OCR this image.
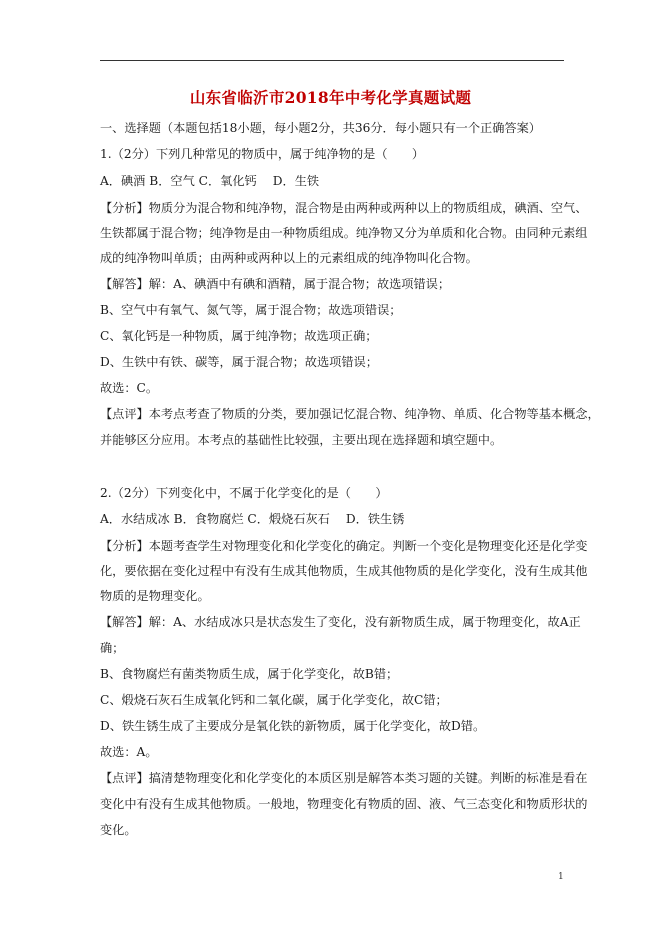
山东省临沂市2018年中考化学真题试题
一、选择题（本题包括18小题，每小题2分，共36分．每小题只有一个正确答案）
1.（2分）下列几种常见的物质中，属于纯净物的是（　　）
A．碘酒 B．空气 C．氧化钙　 D．生铁
【分析】物质分为混合物和纯净物，混合物是由两种或两种以上的物质组成，碘酒、空气、
生铁都属于混合物；纯净物是由一种物质组成。纯净物又分为单质和化合物。由同种元素组
成的纯净物叫单质；由两种或两种以上的元素组成的纯净物叫化合物。
【解答】解：A、碘酒中有碘和酒精，属于混合物；故选项错误；
B、空气中有氧气、氮气等，属于混合物；故选项错误；
C、氧化钙是一种物质，属于纯净物；故选项正确；
D、生铁中有铁、碳等，属于混合物；故选项错误；
故选：C。
【点评】本考点考查了物质的分类，要加强记忆混合物、纯净物、单质、化合物等基本概念，
并能够区分应用。本考点的基础性比较强，主要出现在选择题和填空题中。
2.（2分）下列变化中，不属于化学变化的是（　　）
A．水结成冰 B．食物腐烂 C．煅烧石灰石　 D．铁生锈
【分析】本题考查学生对物理变化和化学变化的确定。判断一个变化是物理变化还是化学变
化，要依据在变化过程中有没有生成其他物质，生成其他物质的是化学变化，没有生成其他
物质的是物理变化。
【解答】解：A、水结成冰只是状态发生了变化，没有新物质生成，属于物理变化，故A正
确；
B、食物腐烂有菌类物质生成，属于化学变化，故B错；
C、煅烧石灰石生成氧化钙和二氧化碳，属于化学变化，故C错；
D、铁生锈生成了主要成分是氧化铁的新物质，属于化学变化，故D错。
故选：A。
【点评】搞清楚物理变化和化学变化的本质区别是解答本类习题的关键。判断的标准是看在
变化中有没有生成其他物质。一般地，物理变化有物质的固、液、气三态变化和物质形状的
变化。
1
